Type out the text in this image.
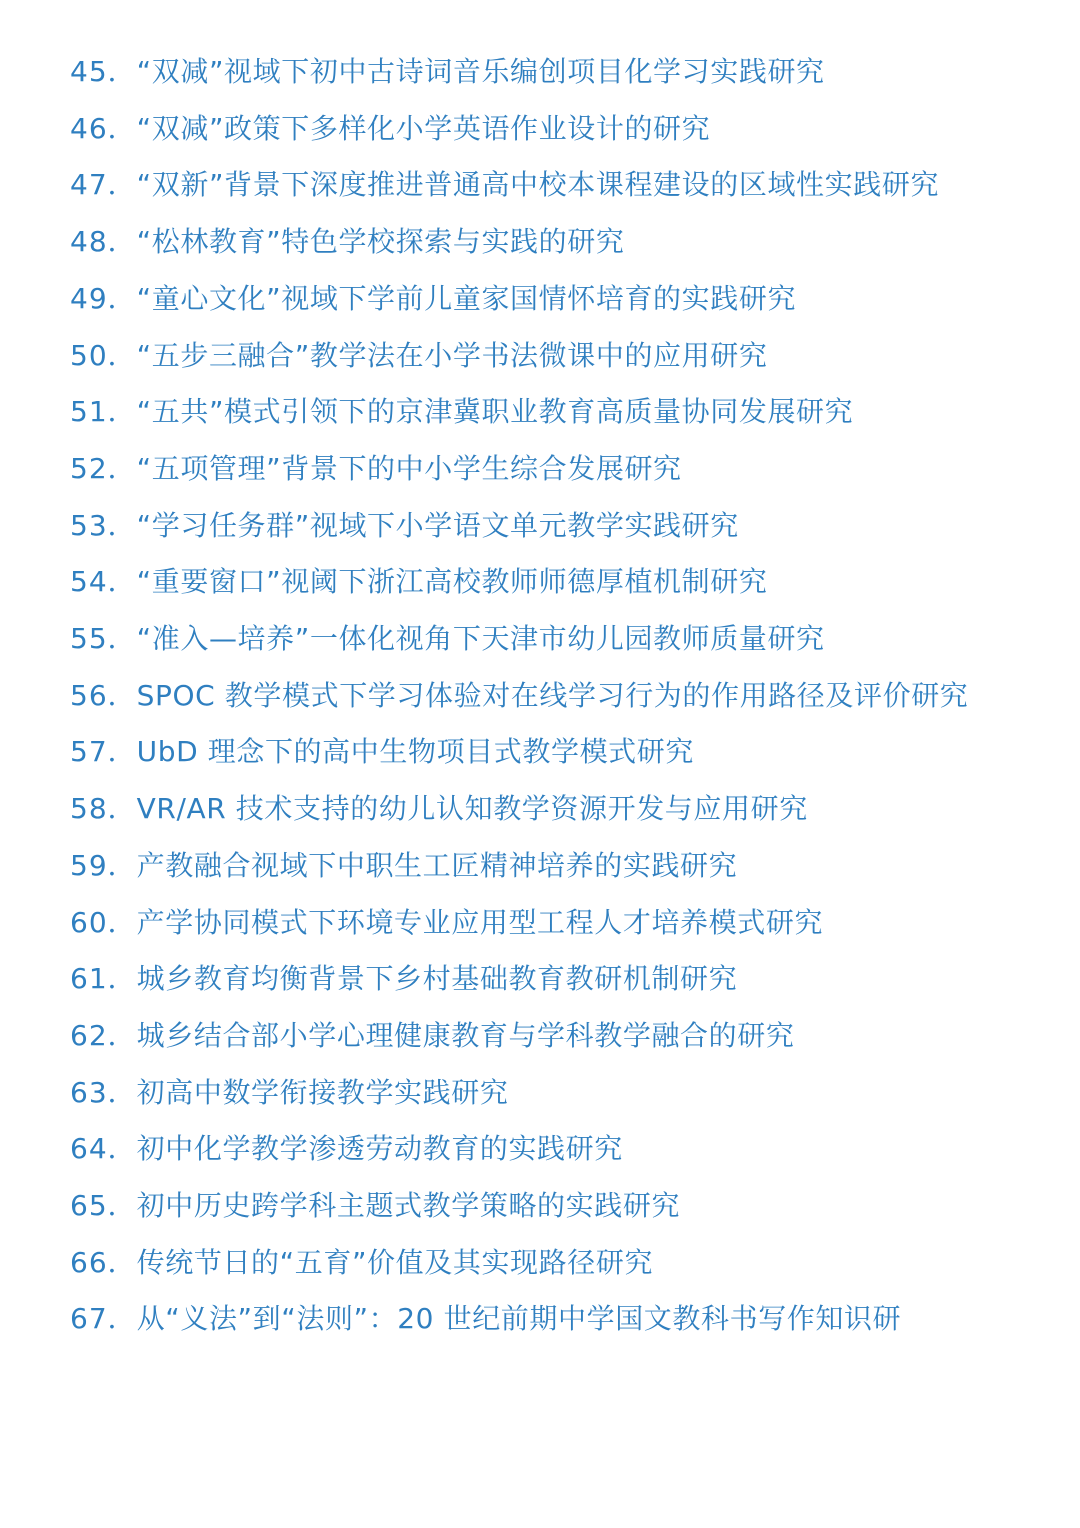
45．“双减”视域下初中古诗词音乐编创项目化学习实践研究

46．“双减”政策下多样化小学英语作业设计的研究

47．“双新”背景下深度推进普通高中校本课程建设的区域性实践研究

48．“松林教育”特色学校探索与实践的研究

49．“童心文化”视域下学前儿童家国情怀培育的实践研究

50．“五步三融合”教学法在小学书法微课中的应用研究

51．“五共”模式引领下的京津冀职业教育高质量协同发展研究

52．“五项管理”背景下的中小学生综合发展研究

53．“学习任务群”视域下小学语文单元教学实践研究

54．“重要窗口”视阈下浙江高校教师师德厚植机制研究

55．“准入—培养”一体化视角下天津市幼儿园教师质量研究

56．SPOC 教学模式下学习体验对在线学习行为的作用路径及评价研究

57．UbD 理念下的高中生物项目式教学模式研究

58．VR/AR 技术支持的幼儿认知教学资源开发与应用研究

59．产教融合视域下中职生工匠精神培养的实践研究

60．产学协同模式下环境专业应用型工程人才培养模式研究

61．城乡教育均衡背景下乡村基础教育教研机制研究

62．城乡结合部小学心理健康教育与学科教学融合的研究

63．初高中数学衔接教学实践研究

64．初中化学教学渗透劳动教育的实践研究

65．初中历史跨学科主题式教学策略的实践研究

66．传统节日的“五育”价值及其实现路径研究

67．从“义法”到“法则”：20 世纪前期中学国文教科书写作知识研
